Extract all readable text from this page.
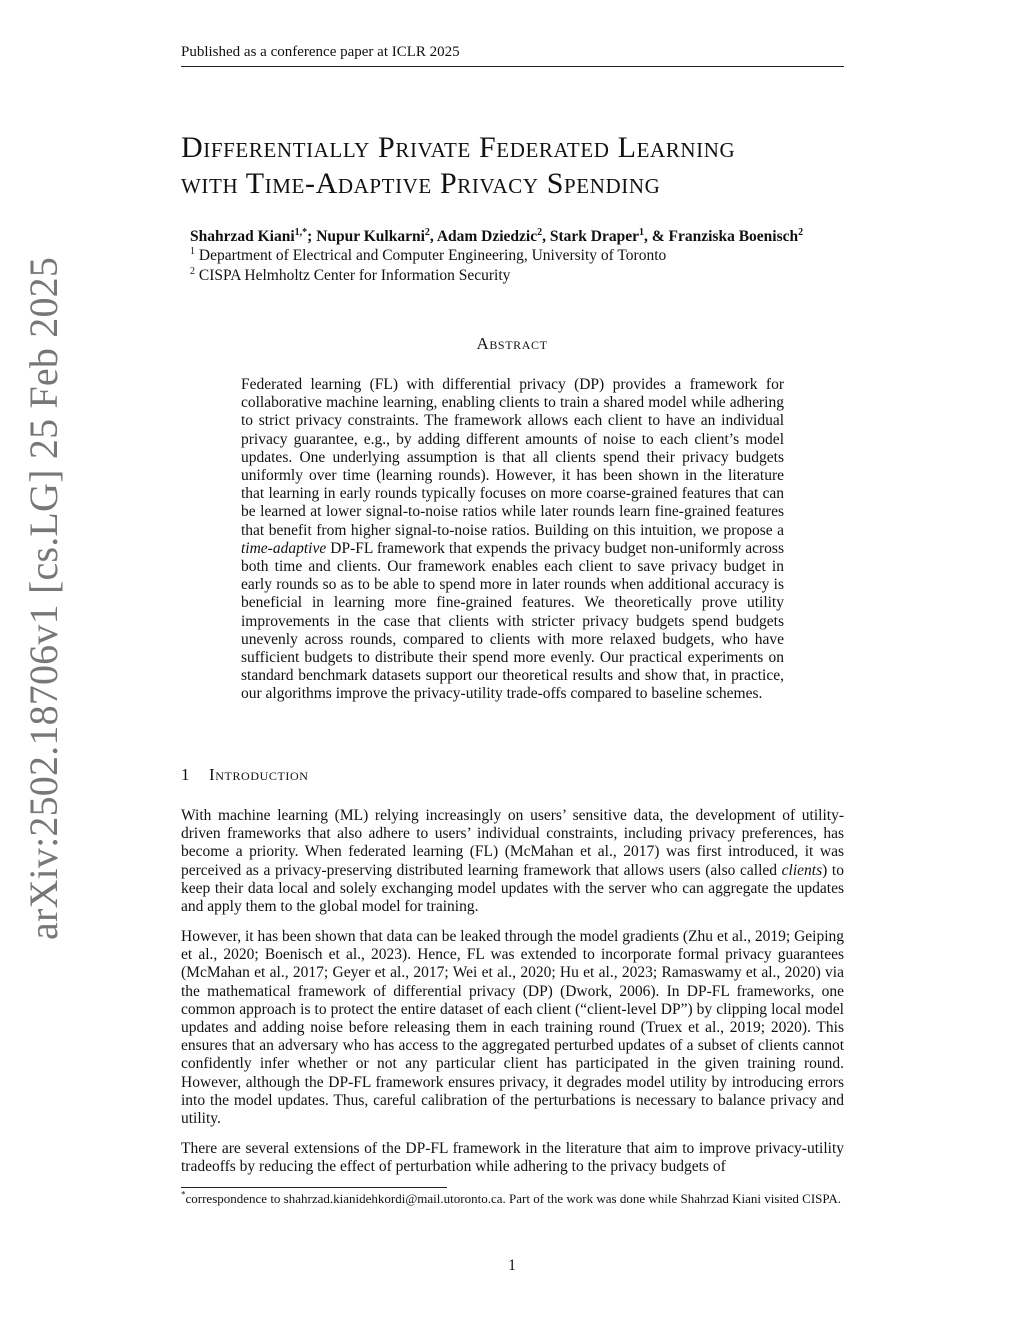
Published as a conference paper at ICLR 2025
arXiv:2502.18706v1 [cs.LG] 25 Feb 2025
Differentially Private Federated Learning
with Time-Adaptive Privacy Spending
Shahrzad Kiani$^{1,*}$; Nupur Kulkarni$^2$, Adam Dziedzic$^2$, Stark Draper$^1$, & Franziska Boenisch$^2$
$^1$ Department of Electrical and Computer Engineering, University of Toronto
$^2$ CISPA Helmholtz Center for Information Security
Abstract

Federated learning (FL) with differential privacy (DP) provides a framework for collaborative machine learning, enabling clients to train a shared model while adhering to strict privacy constraints. The framework allows each client to have an individual privacy guarantee, e.g., by adding different amounts of noise to each client’s model updates. One underlying assumption is that all clients spend their privacy budgets uniformly over time (learning rounds). However, it has been shown in the literature that learning in early rounds typically focuses on more coarse-grained features that can be learned at lower signal-to-noise ratios while later rounds learn fine-grained features that benefit from higher signal-to-noise ratios. Building on this intuition, we propose a time-adaptive DP-FL framework that expends the privacy budget non-uniformly across both time and clients. Our framework enables each client to save privacy budget in early rounds so as to be able to spend more in later rounds when additional accuracy is beneficial in learning more fine-grained features. We theoretically prove utility improvements in the case that clients with stricter privacy budgets spend budgets unevenly across rounds, compared to clients with more relaxed budgets, who have sufficient budgets to distribute their spend more evenly. Our practical experiments on standard benchmark datasets support our theoretical results and show that, in practice, our algorithms improve the privacy-utility trade-offs compared to baseline schemes.

1 Introduction

With machine learning (ML) relying increasingly on users’ sensitive data, the development of utility-driven frameworks that also adhere to users’ individual constraints, including privacy preferences, has become a priority. When federated learning (FL) (McMahan et al., 2017) was first introduced, it was perceived as a privacy-preserving distributed learning framework that allows users (also called clients) to keep their data local and solely exchanging model updates with the server who can aggregate the updates and apply them to the global model for training.

However, it has been shown that data can be leaked through the model gradients (Zhu et al., 2019; Geiping et al., 2020; Boenisch et al., 2023). Hence, FL was extended to incorporate formal privacy guarantees (McMahan et al., 2017; Geyer et al., 2017; Wei et al., 2020; Hu et al., 2023; Ramaswamy et al., 2020) via the mathematical framework of differential privacy (DP) (Dwork, 2006). In DP-FL frameworks, one common approach is to protect the entire dataset of each client (“client-level DP”) by clipping local model updates and adding noise before releasing them in each training round (Truex et al., 2019; 2020). This ensures that an adversary who has access to the aggregated perturbed updates of a subset of clients cannot confidently infer whether or not any particular client has participated in the given training round. However, although the DP-FL framework ensures privacy, it degrades model utility by introducing errors into the model updates. Thus, careful calibration of the perturbations is necessary to balance privacy and utility.

There are several extensions of the DP-FL framework in the literature that aim to improve privacy-utility tradeoffs by reducing the effect of perturbation while adhering to the privacy budgets of

*correspondence to shahrzad.kianidehkordi@mail.utoronto.ca. Part of the work was done while Shahrzad Kiani visited CISPA.
1
